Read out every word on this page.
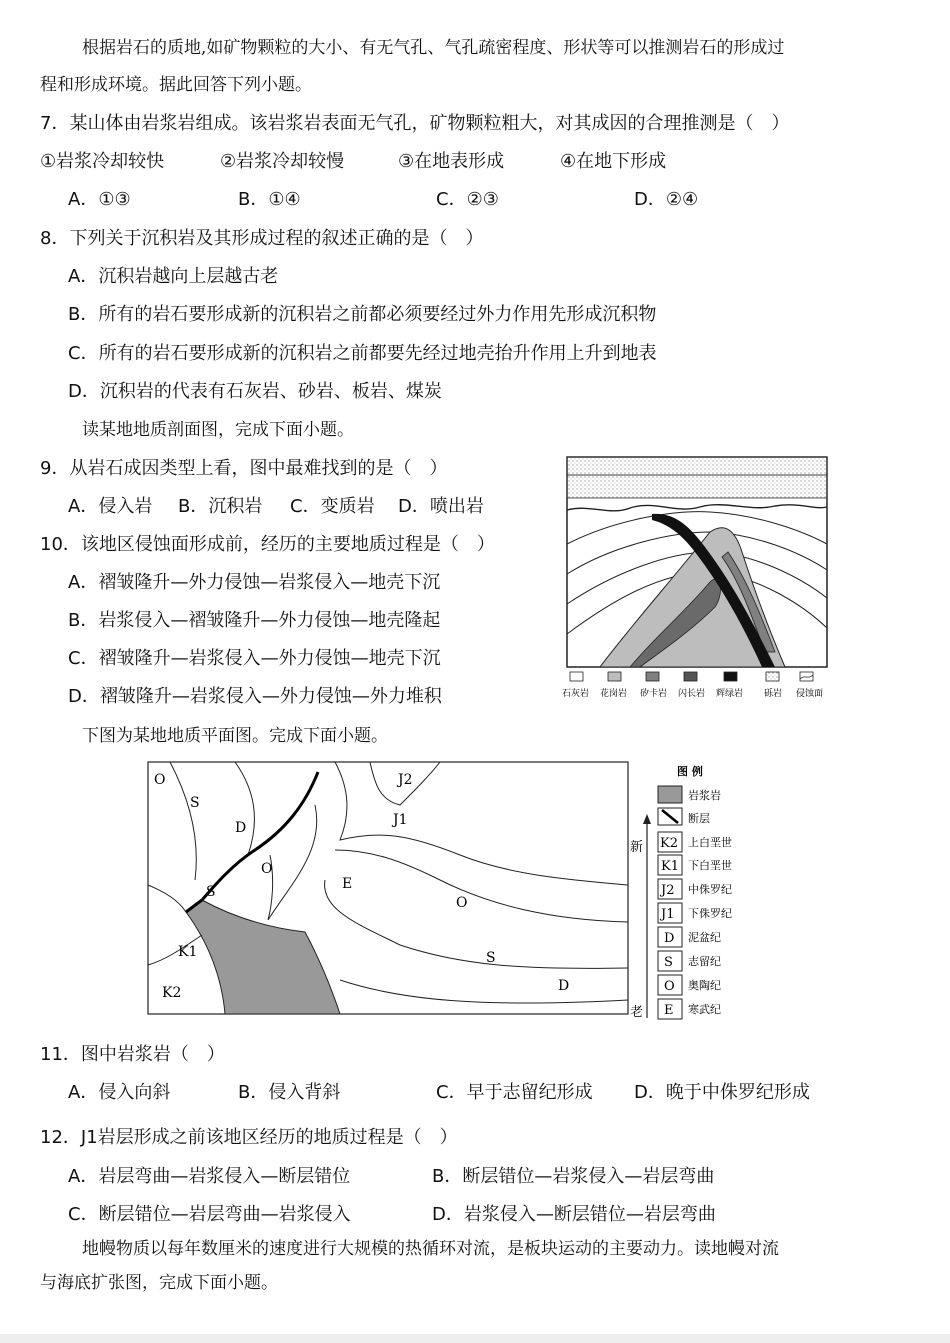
根据岩石的质地,如矿物颗粒的大小、有无气孔、气孔疏密程度、形状等可以推测岩石的形成过
程和形成环境。据此回答下列小题。
7．某山体由岩浆岩组成。该岩浆岩表面无气孔，矿物颗粒粗大，对其成因的合理推测是（　）
①岩浆冷却较快	②岩浆冷却较慢	③在地表形成	④在地下形成
A．①③	B．①④	C．②③	D．②④
8．下列关于沉积岩及其形成过程的叙述正确的是（　）
A．沉积岩越向上层越古老
B．所有的岩石要形成新的沉积岩之前都必须要经过外力作用先形成沉积物
C．所有的岩石要形成新的沉积岩之前都要先经过地壳抬升作用上升到地表
D．沉积岩的代表有石灰岩、砂岩、板岩、煤炭
读某地地质剖面图，完成下面小题。
9．从岩石成因类型上看，图中最难找到的是（　）
A．侵入岩 B．沉积岩 C．变质岩 D．喷出岩
10．该地区侵蚀面形成前，经历的主要地质过程是（　）
A．褶皱隆升—外力侵蚀—岩浆侵入—地壳下沉
B．岩浆侵入—褶皱隆升—外力侵蚀—地壳隆起
C．褶皱隆升—岩浆侵入—外力侵蚀—地壳下沉
D．褶皱隆升—岩浆侵入—外力侵蚀—外力堆积	石灰岩 花岗岩 矽卡岩 闪长岩 辉绿岩 砾岩 侵蚀面
下图为某地地质平面图。完成下面小题。
O
S
D
S
O
J2
J1
E
O
S
D
K1
K2
图 例
岩浆岩
断层
新
老
K2 上白垩世
K1 下白垩世
J2 中侏罗纪
J1 下侏罗纪
D 泥盆纪
S 志留纪
O 奥陶纪
E 寒武纪
11．图中岩浆岩（　）
A．侵入向斜	B．侵入背斜	C．早于志留纪形成 D．晚于中侏罗纪形成
12．J1岩层形成之前该地区经历的地质过程是（　）
A．岩层弯曲—岩浆侵入—断层错位	B．断层错位—岩浆侵入—岩层弯曲
C．断层错位—岩层弯曲—岩浆侵入	D．岩浆侵入—断层错位—岩层弯曲
地幔物质以每年数厘米的速度进行大规模的热循环对流，是板块运动的主要动力。读地幔对流
与海底扩张图，完成下面小题。
